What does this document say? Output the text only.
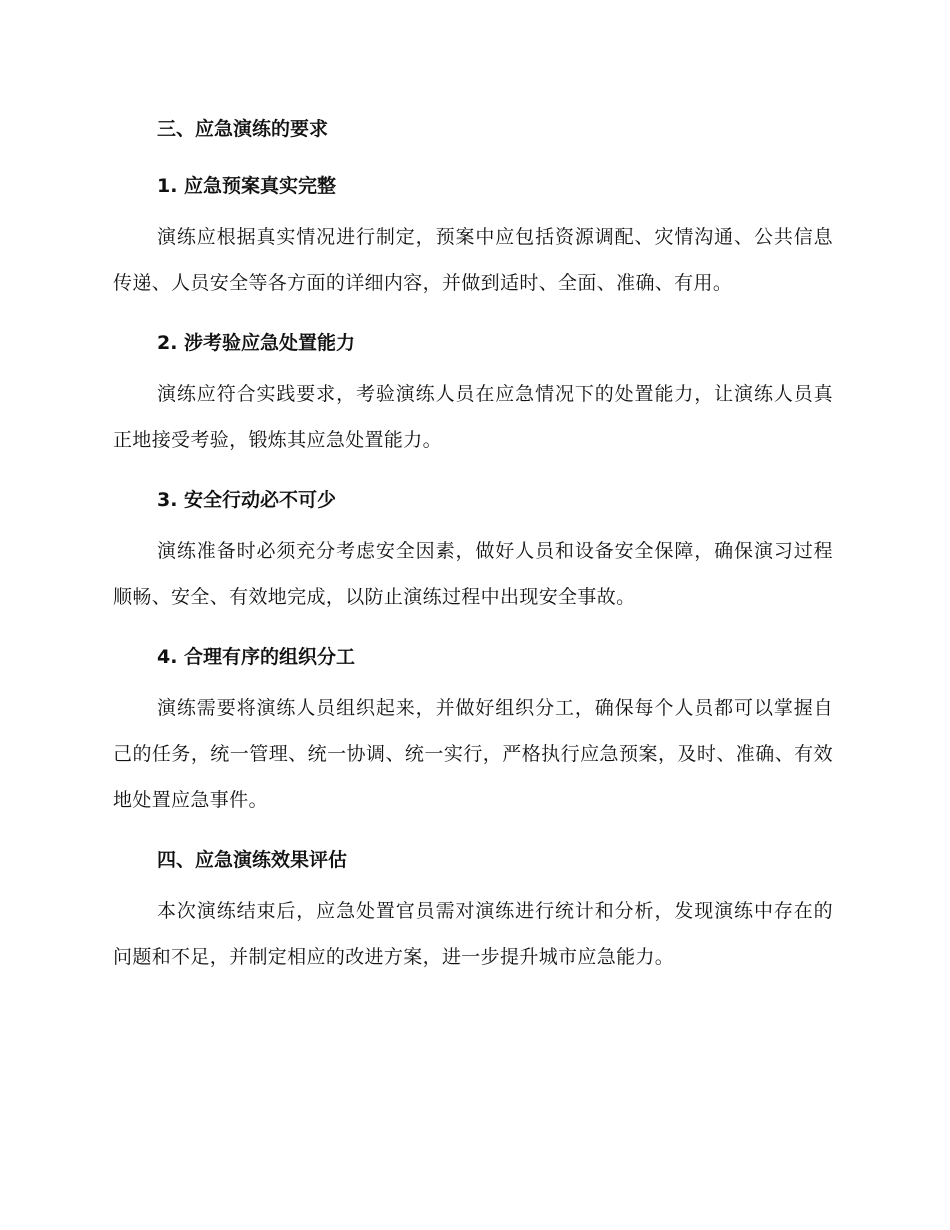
三、应急演练的要求
1. 应急预案真实完整

演练应根据真实情况进行制定，预案中应包括资源调配、灾情沟通、公共信息传递、人员安全等各方面的详细内容，并做到适时、全面、准确、有用。

2. 涉考验应急处置能力

演练应符合实践要求，考验演练人员在应急情况下的处置能力，让演练人员真正地接受考验，锻炼其应急处置能力。

3. 安全行动必不可少

演练准备时必须充分考虑安全因素，做好人员和设备安全保障，确保演习过程顺畅、安全、有效地完成，以防止演练过程中出现安全事故。

4. 合理有序的组织分工

演练需要将演练人员组织起来，并做好组织分工，确保每个人员都可以掌握自己的任务，统一管理、统一协调、统一实行，严格执行应急预案，及时、准确、有效地处置应急事件。

四、应急演练效果评估

本次演练结束后，应急处置官员需对演练进行统计和分析，发现演练中存在的问题和不足，并制定相应的改进方案，进一步提升城市应急能力。
